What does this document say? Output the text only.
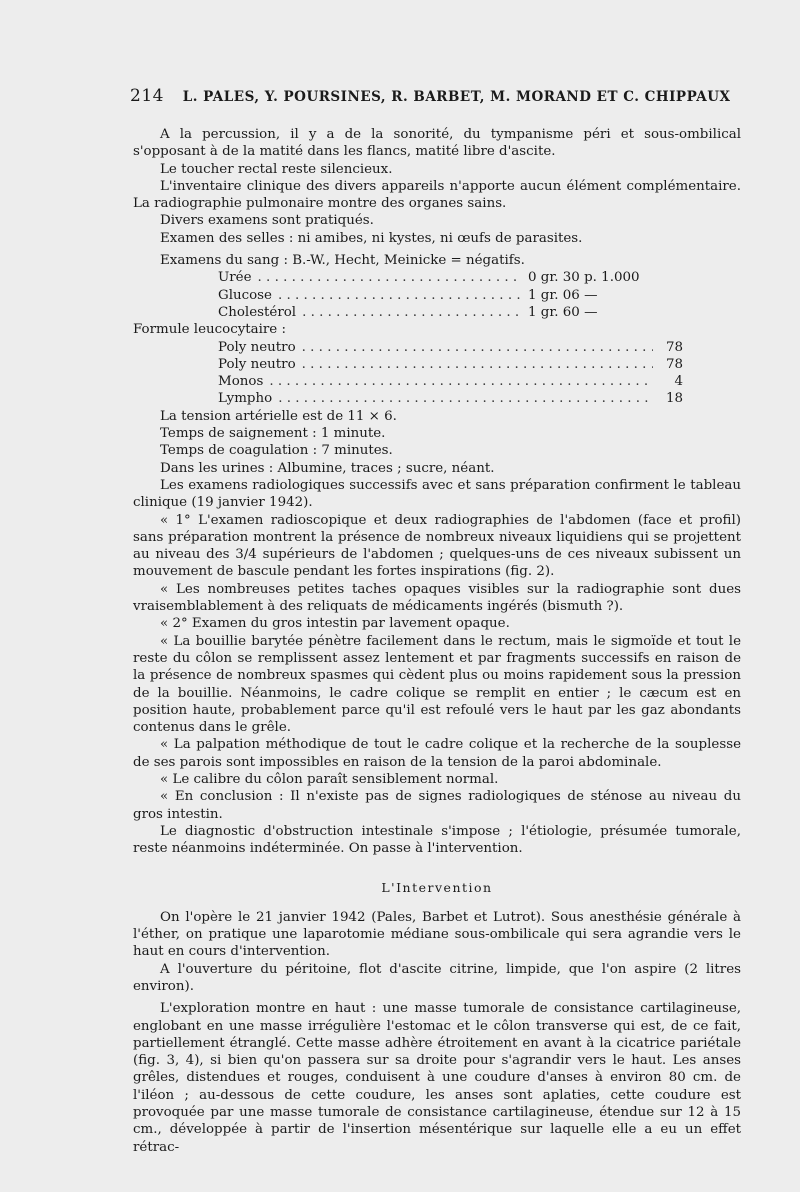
214 L. PALES, Y. POURSINES, R. BARBET, M. MORAND ET C. CHIPPAUX

A la percussion, il y a de la sonorité, du tympanisme péri et sous-ombilical s'opposant à de la matité dans les flancs, matité libre d'ascite.

Le toucher rectal reste silencieux.

L'inventaire clinique des divers appareils n'apporte aucun élément complémentaire. La radiographie pulmonaire montre des organes sains.

Divers examens sont pratiqués.

Examen des selles : ni amibes, ni kystes, ni œufs de parasites.

Examens du sang : B.-W., Hecht, Meinicke = négatifs.

Urée . . .	0 gr. 30 p. 1.000
Glucose . . .	1 gr. 06 —
Cholestérol . . .	1 gr. 60 —

Formule leucocytaire :

Poly neutro . . .	78
Poly neutro . . .	78
Monos . . .	4
Lympho . . .	18

La tension artérielle est de 11 × 6.

Temps de saignement : 1 minute.

Temps de coagulation : 7 minutes.

Dans les urines : Albumine, traces ; sucre, néant.

Les examens radiologiques successifs avec et sans préparation confirment le tableau clinique (19 janvier 1942).

« 1° L'examen radioscopique et deux radiographies de l'abdomen (face et profil) sans préparation montrent la présence de nombreux niveaux liquidiens qui se projettent au niveau des 3/4 supérieurs de l'abdomen ; quelques-uns de ces niveaux subissent un mouvement de bascule pendant les fortes inspirations (fig. 2).

« Les nombreuses petites taches opaques visibles sur la radiographie sont dues vraisemblablement à des reliquats de médicaments ingérés (bismuth ?).

« 2° Examen du gros intestin par lavement opaque.

« La bouillie barytée pénètre facilement dans le rectum, mais le sigmoïde et tout le reste du côlon se remplissent assez lentement et par fragments successifs en raison de la présence de nombreux spasmes qui cèdent plus ou moins rapidement sous la pression de la bouillie. Néanmoins, le cadre colique se remplit en entier ; le cæcum est en position haute, probablement parce qu'il est refoulé vers le haut par les gaz abondants contenus dans le grêle.

« La palpation méthodique de tout le cadre colique et la recherche de la souplesse de ses parois sont impossibles en raison de la tension de la paroi abdominale.

« Le calibre du côlon paraît sensiblement normal.

« En conclusion : Il n'existe pas de signes radiologiques de sténose au niveau du gros intestin.

Le diagnostic d'obstruction intestinale s'impose ; l'étiologie, présumée tumorale, reste néanmoins indéterminée. On passe à l'intervention.

L'Intervention

On l'opère le 21 janvier 1942 (Pales, Barbet et Lutrot). Sous anesthésie générale à l'éther, on pratique une laparotomie médiane sous-ombilicale qui sera agrandie vers le haut en cours d'intervention.

A l'ouverture du péritoine, flot d'ascite citrine, limpide, que l'on aspire (2 litres environ).

L'exploration montre en haut : une masse tumorale de consistance cartilagineuse, englobant en une masse irrégulière l'estomac et le côlon transverse qui est, de ce fait, partiellement étranglé. Cette masse adhère étroitement en avant à la cicatrice pariétale (fig. 3, 4), si bien qu'on passera sur sa droite pour s'agrandir vers le haut. Les anses grêles, distendues et rouges, conduisent à une coudure d'anses à environ 80 cm. de l'iléon ; au-dessous de cette coudure, les anses sont aplaties, cette coudure est provoquée par une masse tumorale de consistance cartilagineuse, étendue sur 12 à 15 cm., développée à partir de l'insertion mésentérique sur laquelle elle a eu un effet rétrac-
